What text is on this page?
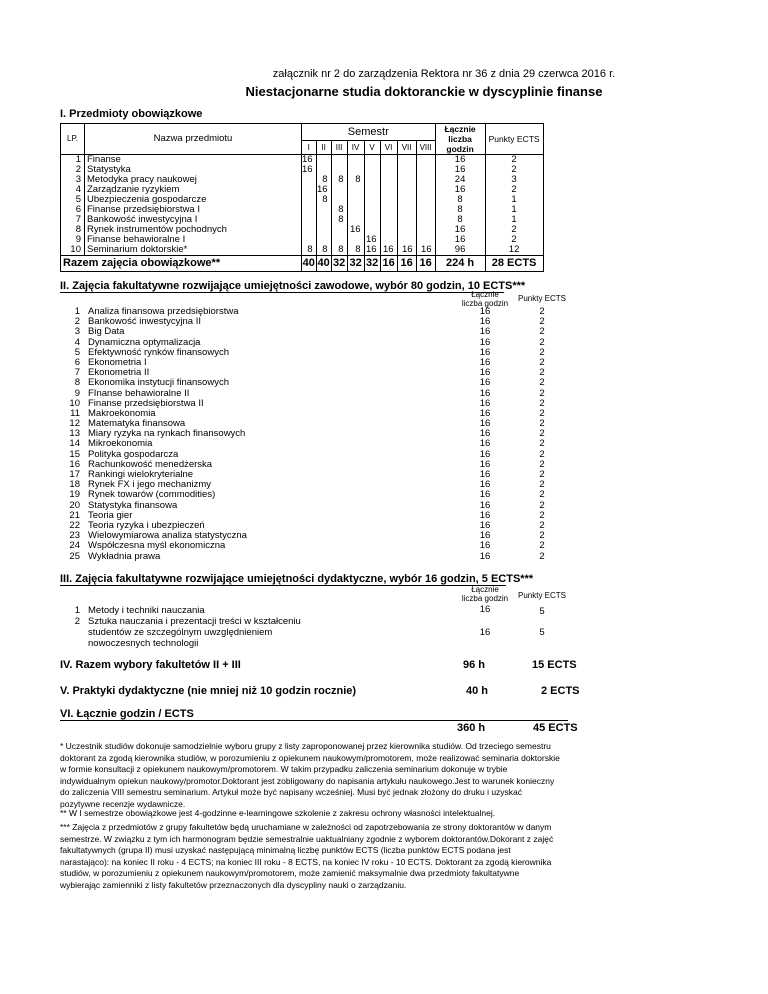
załącznik nr 2 do zarządzenia Rektora nr 36 z dnia 29 czerwca 2016 r.
Niestacjonarne studia doktoranckie w dyscyplinie finanse
I. Przedmioty obowiązkowe
LP.	Nazwa przedmiotu	Semestr								Łącznie
liczba
godzin	Punkty ECTS
		I	II	III	IV	V	VI	VII	VIII		
1	Finanse	16								16	2
2	Statystyka	16								16	2
3	Metodyka pracy naukowej		8	8	8					24	3
4	Zarządzanie ryzykiem		16							16	2
5	Ubezpieczenia gospodarcze		8							8	1
6	Finanse przedsiębiorstwa I			8						8	1
7	Bankowość inwestycyjna I			8						8	1
8	Rynek instrumentów pochodnych				16					16	2
9	Finanse behawioralne I					16				16	2
10	Seminarium doktorskie*	8	8	8	8	16	16	16	16	96	12
Razem zajęcia obowiązkowe**		40	40	32	32	32	16	16	16	224 h	28 ECTS
II. Zajęcia fakultatywne rozwijające umiejętności zawodowe, wybór 80 godzin, 10 ECTS***
Łącznie
liczba godzin
Punkty ECTS
1 Analiza finansowa przedsiębiorstwa	16	2
2 Bankowość inwestycyjna II	16	2
3 Big Data	16	2
4 Dynamiczna optymalizacja	16	2
5 Efektywność rynków finansowych	16	2
6 Ekonometria I	16	2
7 Ekonometria II	16	2
8 Ekonomika instytucji finansowych	16	2
9 FInanse behawioralne II	16	2
10 Finanse przedsiębiorstwa II	16	2
11 Makroekonomia	16	2
12 Matematyka finansowa	16	2
13 Miary ryzyka na rynkach finansowych	16	2
14 Mikroekonomia	16	2
15 Polityka gospodarcza	16	2
16 Rachunkowość menedżerska	16	2
17 Rankingi wielokryterialne	16	2
18 Rynek FX i jego mechanizmy	16	2
19 Rynek towarów (commodities)	16	2
20 Statystyka finansowa	16	2
21 Teoria gier	16	2
22 Teoria ryzyka i ubezpieczeń	16	2
23 Wielowymiarowa analiza statystyczna	16	2
24 Współczesna myśl ekonomiczna	16	2
25 Wykładnia prawa	16	2
III. Zajęcia fakultatywne rozwijające umiejętności dydaktyczne, wybór 16 godzin, 5 ECTS***
Łącznie
liczba godzin	Punkty ECTS
1 Metody i techniki nauczania	16	5
2 Sztuka nauczania i prezentacji treści w kształceniu
studentów ze szczególnym uwzględnieniem
nowoczesnych technologii
16	5
IV. Razem wybory fakultetów II + III	96 h	15 ECTS
V. Praktyki dydaktyczne (nie mniej niż 10 godzin rocznie)	40 h	2 ECTS
VI. Łącznie godzin / ECTS
360 h	45 ECTS
* Uczestnik studiów dokonuje samodzielnie wyboru grupy z listy zaproponowanej przez kierownika studiów. Od trzeciego semestru doktorant za zgodą kierownika studiów, w porozumieniu z opiekunem naukowym/promotorem, może realizować seminaria doktorskie w formie konsultacji z opiekunem naukowym/promotorem. W takim przypadku zaliczenia seminarium dokonuje w trybie indywidualnym opiekun naukowy/promotor.Doktorant jest zobligowany do napisania artykułu naukowego.Jest to warunek konieczny do zaliczenia VIII semestru seminarium. Artykuł może być napisany wcześniej. Musi być jednak złożony do druku i uzyskać pozytywne recenzje wydawnicze.
** W I semestrze obowiązkowe jest 4-godzinne e-learningowe szkolenie z zakresu ochrony własności intelektualnej.
*** Zajęcia z przedmiotów z grupy fakultetów będą uruchamiane w zależności od zapotrzebowania ze strony doktorantów w danym semestrze. W związku z tym ich harmonogram będzie semestralnie uaktualniany zgodnie z wyborem doktorantów.Dokorant z zajęć fakultatywnych (grupa II) musi uzyskać następującą minimalną liczbę punktów ECTS (liczba punktów ECTS podana jest narastająco): na koniec II roku - 4 ECTS; na koniec III roku - 8 ECTS, na koniec IV roku - 10 ECTS. Doktorant za zgodą kierownika studiów, w porozumieniu z opiekunem naukowym/promotorem, może zamienić maksymalnie dwa przedmioty fakultatywne wybierając zamienniki z listy fakultetów przeznaczonych dla dyscypliny nauki o zarządzaniu.
